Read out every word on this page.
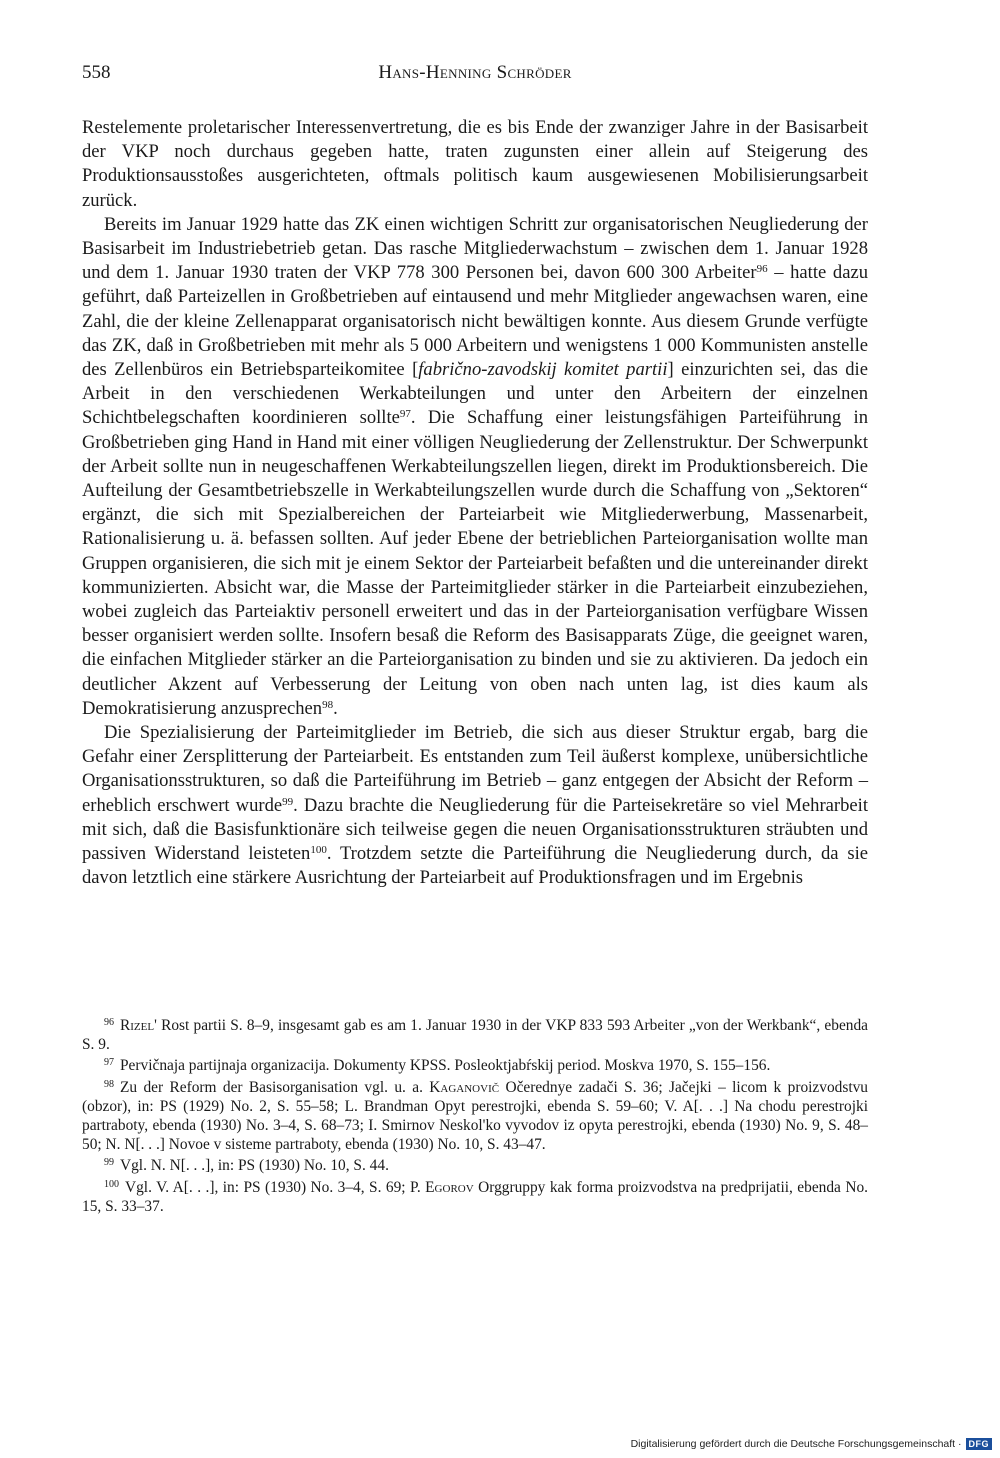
558	Hans-Henning Schröder

Restelemente proletarischer Interessenvertretung, die es bis Ende der zwanziger Jahre in der Basisarbeit der VKP noch durchaus gegeben hatte, traten zugunsten einer allein auf Steigerung des Produktionsausstoßes ausgerichteten, oftmals politisch kaum ausgewiesenen Mobilisierungsarbeit zurück.

Bereits im Januar 1929 hatte das ZK einen wichtigen Schritt zur organisatorischen Neugliederung der Basisarbeit im Industriebetrieb getan. Das rasche Mitgliederwachstum – zwischen dem 1. Januar 1928 und dem 1. Januar 1930 traten der VKP 778 300 Personen bei, davon 600 300 Arbeiter$^{96}$ – hatte dazu geführt, daß Parteizellen in Großbetrieben auf eintausend und mehr Mitglieder angewachsen waren, eine Zahl, die der kleine Zellenapparat organisatorisch nicht bewältigen konnte. Aus diesem Grunde verfügte das ZK, daß in Großbetrieben mit mehr als 5 000 Arbeitern und wenigstens 1 000 Kommunisten anstelle des Zellenbüros ein Betriebsparteikomitee [fabrično-zavodskij komitet partii] einzurichten sei, das die Arbeit in den verschiedenen Werkabteilungen und unter den Arbeitern der einzelnen Schichtbelegschaften koordinieren sollte$^{97}$. Die Schaffung einer leistungsfähigen Parteiführung in Großbetrieben ging Hand in Hand mit einer völligen Neugliederung der Zellenstruktur. Der Schwerpunkt der Arbeit sollte nun in neugeschaffenen Werkabteilungszellen liegen, direkt im Produktionsbereich. Die Aufteilung der Gesamtbetriebszelle in Werkabteilungszellen wurde durch die Schaffung von „Sektoren“ ergänzt, die sich mit Spezialbereichen der Parteiarbeit wie Mitgliederwerbung, Massenarbeit, Rationalisierung u. ä. befassen sollten. Auf jeder Ebene der betrieblichen Parteiorganisation wollte man Gruppen organisieren, die sich mit je einem Sektor der Parteiarbeit befaßten und die untereinander direkt kommunizierten. Absicht war, die Masse der Parteimitglieder stärker in die Parteiarbeit einzubeziehen, wobei zugleich das Parteiaktiv personell erweitert und das in der Parteiorganisation verfügbare Wissen besser organisiert werden sollte. Insofern besaß die Reform des Basisapparats Züge, die geeignet waren, die einfachen Mitglieder stärker an die Parteiorganisation zu binden und sie zu aktivieren. Da jedoch ein deutlicher Akzent auf Verbesserung der Leitung von oben nach unten lag, ist dies kaum als Demokratisierung anzusprechen$^{98}$.

Die Spezialisierung der Parteimitglieder im Betrieb, die sich aus dieser Struktur ergab, barg die Gefahr einer Zersplitterung der Parteiarbeit. Es entstanden zum Teil äußerst komplexe, unübersichtliche Organisationsstrukturen, so daß die Parteiführung im Betrieb – ganz entgegen der Absicht der Reform – erheblich erschwert wurde$^{99}$. Dazu brachte die Neugliederung für die Parteisekretäre so viel Mehrarbeit mit sich, daß die Basisfunktionäre sich teilweise gegen die neuen Organisationsstrukturen sträubten und passiven Widerstand leisteten$^{100}$. Trotzdem setzte die Parteiführung die Neugliederung durch, da sie davon letztlich eine stärkere Ausrichtung der Parteiarbeit auf Produktionsfragen und im Ergebnis

$^{96}$ Rizel' Rost partii S. 8–9, insgesamt gab es am 1. Januar 1930 in der VKP 833 593 Arbeiter „von der Werkbank“, ebenda S. 9.

$^{97}$ Pervičnaja partijnaja organizacija. Dokumenty KPSS. Posleoktjabŕskij period. Moskva 1970, S. 155–156.

$^{98}$ Zu der Reform der Basisorganisation vgl. u. a. Kaganovič Očerednye zadači S. 36; Jačejki – licom k proizvodstvu (obzor), in: PS (1929) No. 2, S. 55–58; L. Brandman Opyt perestrojki, ebenda S. 59–60; V. A[. . .] Na chodu perestrojki partraboty, ebenda (1930) No. 3–4, S. 68–73; I. Smirnov Neskol'ko vyvodov iz opyta perestrojki, ebenda (1930) No. 9, S. 48–50; N. N[. . .] Novoe v sisteme partraboty, ebenda (1930) No. 10, S. 43–47.

$^{99}$ Vgl. N. N[. . .], in: PS (1930) No. 10, S. 44.

$^{100}$ Vgl. V. A[. . .], in: PS (1930) No. 3–4, S. 69; P. Egorov Orggruppy kak forma proizvodstva na predprijatii, ebenda No. 15, S. 33–37.

Digitalisierung gefördert durch die Deutsche Forschungsgemeinschaft · DFG
